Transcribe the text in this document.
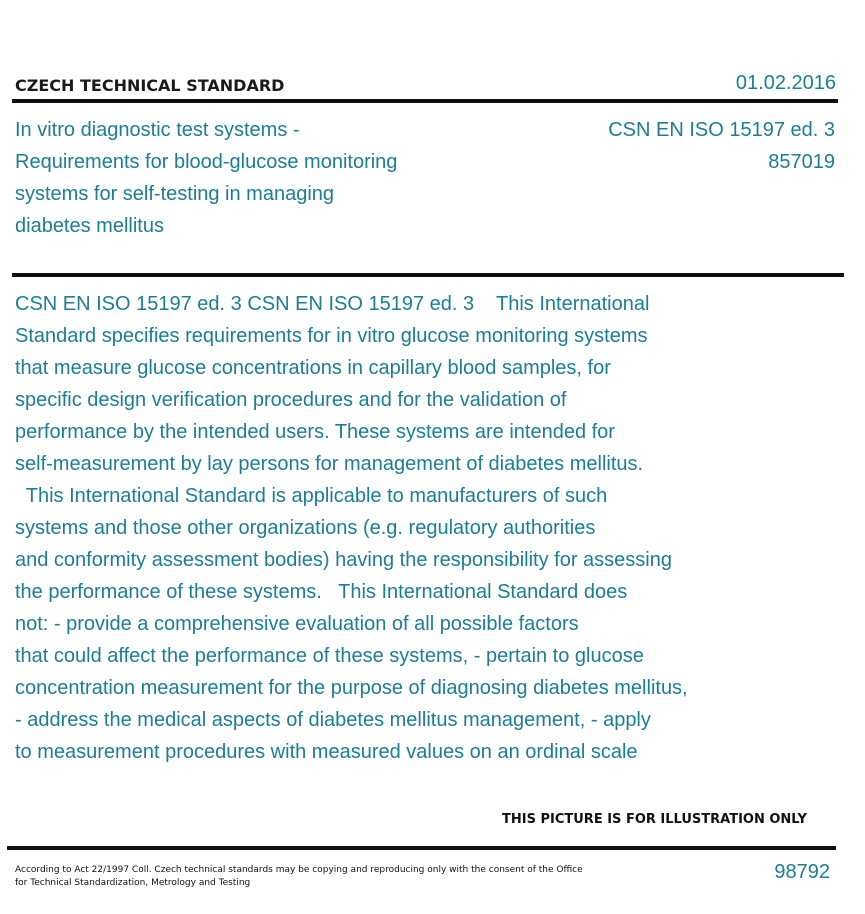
CZECH TECHNICAL STANDARD	01.02.2016
In vitro diagnostic test systems -
Requirements for blood-glucose monitoring
systems for self-testing in managing
diabetes mellitus
CSN EN ISO 15197 ed. 3
857019
CSN EN ISO 15197 ed. 3 CSN EN ISO 15197 ed. 3    This International
Standard specifies requirements for in vitro glucose monitoring systems
that measure glucose concentrations in capillary blood samples, for
specific design verification procedures and for the validation of
performance by the intended users. These systems are intended for
self-measurement by lay persons for management of diabetes mellitus.
This International Standard is applicable to manufacturers of such
systems and those other organizations (e.g. regulatory authorities
and conformity assessment bodies) having the responsibility for assessing
the performance of these systems.   This International Standard does
not: - provide a comprehensive evaluation of all possible factors
that could affect the performance of these systems, - pertain to glucose
concentration measurement for the purpose of diagnosing diabetes mellitus,
- address the medical aspects of diabetes mellitus management, - apply
to measurement procedures with measured values on an ordinal scale
THIS PICTURE IS FOR ILLUSTRATION ONLY
According to Act 22/1997 Coll. Czech technical standards may be copying and reproducing only with the consent of the Office
for Technical Standardization, Metrology and Testing	98792
